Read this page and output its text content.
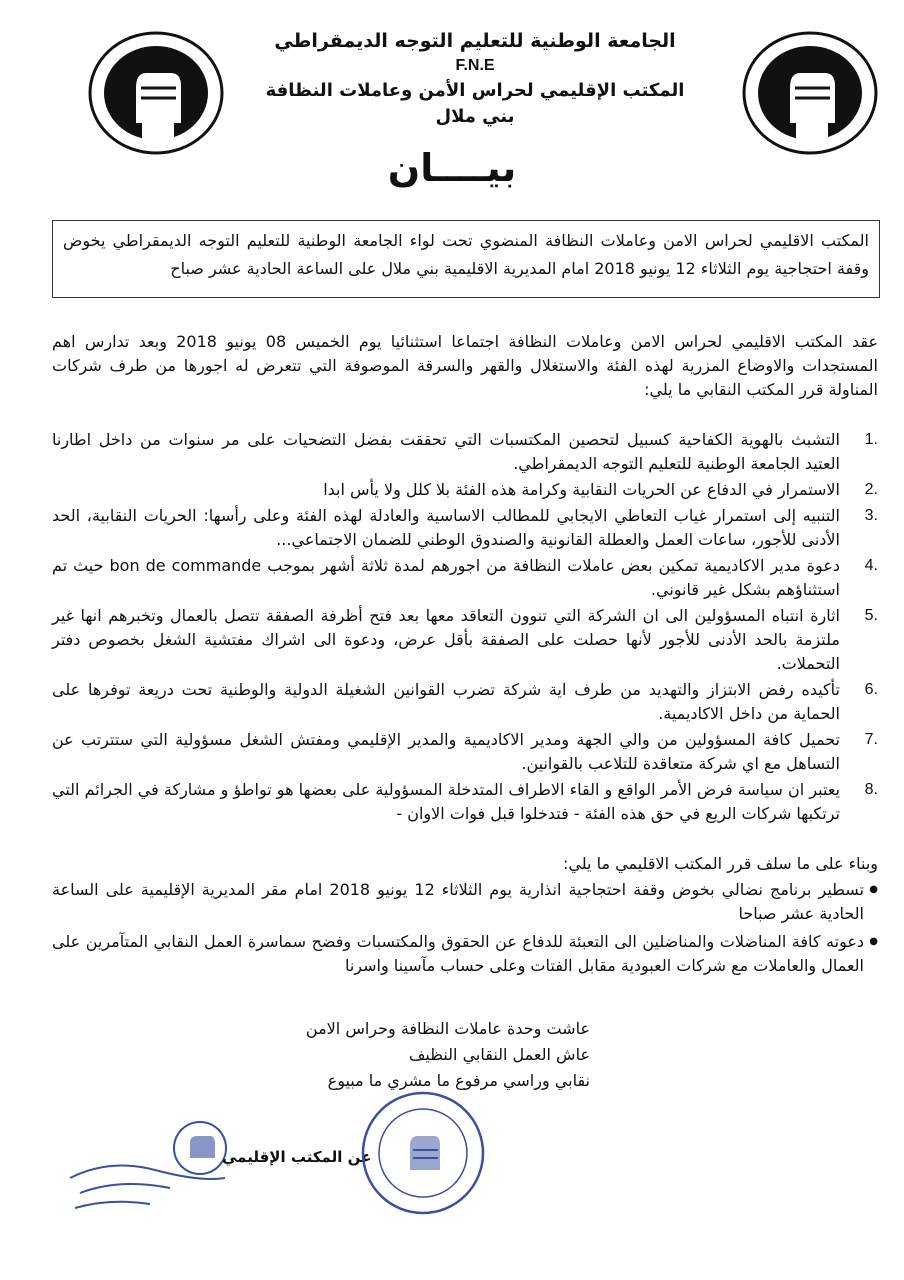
الجامعة الوطنية للتعليم التوجه الديمقراطي
F.N.E
المكتب الإقليمي لحراس الأمن وعاملات النظافة
بني ملال
بيــــان
المكتب الاقليمي لحراس الامن وعاملات النظافة المنضوي تحت لواء الجامعة الوطنية للتعليم التوجه الديمقراطي يخوض وقفة احتجاجية يوم الثلاثاء 12 يونيو 2018 امام المديرية الاقليمية بني ملال على الساعة الحادية عشر صباح
عقد المكتب الاقليمي لحراس الامن وعاملات النظافة اجتماعا استثنائيا يوم الخميس 08 يونيو 2018 وبعد تدارس اهم المستجدات والاوضاع المزرية لهذه الفئة والاستغلال والقهر والسرقة الموصوفة التي تتعرض له اجورها من طرف شركات المناولة قرر المكتب النقابي ما يلي:
1.
التشبث بالهوية الكفاحية كسبيل لتحصين المكتسبات التي تحققت بفضل التضحيات على مر سنوات من داخل اطارنا العتيد الجامعة الوطنية للتعليم التوجه الديمقراطي.
2.
الاستمرار في الدفاع عن الحريات النقابية وكرامة هذه الفئة بلا كلل ولا يأس ابدا
3.
التنبيه إلى استمرار غياب التعاطي الايجابي للمطالب الاساسية والعادلة لهذه الفئة وعلى رأسها: الحريات النقابية، الحد الأدنى للأجور، ساعات العمل والعطلة القانونية والصندوق الوطني للضمان الاجتماعي...
4.
دعوة مدير الاكاديمية تمكين بعض عاملات النظافة من اجورهم لمدة ثلاثة أشهر بموجب bon de commande حيث تم استثناؤهم بشكل غير قانوني.
5.
اثارة انتباه المسؤولين الى ان الشركة التي تنوون التعاقد معها بعد فتح أظرفة الصفقة تتصل بالعمال وتخبرهم انها غير ملتزمة بالحد الأدنى للأجور لأنها حصلت على الصفقة بأقل عرض، ودعوة الى اشراك مفتشية الشغل بخصوص دفتر التحملات.
6.
تأكيده رفض الابتزاز والتهديد من طرف اية شركة تضرب القوانين الشغيلة الدولية والوطنية تحت دريعة توفرها على الحماية من داخل الاكاديمية.
7.
تحميل كافة المسؤولين من والي الجهة ومدير الاكاديمية والمدير الإقليمي ومفتش الشغل مسؤولية التي ستترتب عن التساهل مع اي شركة متعاقدة للتلاعب بالقوانين.
8.
يعتبر ان سياسة فرض الأمر الواقع و القاء الاطراف المتدخلة المسؤولية على بعضها هو تواطؤ و مشاركة في الجرائم التي ترتكبها شركات الريع في حق هذه الفئة - فتدخلوا قبل فوات الاوان -
وبناء على ما سلف قرر المكتب الاقليمي ما يلي:
● تسطير برنامج نضالي بخوض وقفة احتجاجية انذارية يوم الثلاثاء 12 يونيو 2018 امام مقر المديرية الإقليمية على الساعة الحادية عشر صباحا
● دعوته كافة المناضلات والمناضلين الى التعبئة للدفاع عن الحقوق والمكتسبات وفضح سماسرة العمل النقابي المتآمرين على العمال والعاملات مع شركات العبودية مقابل الفتات وعلى حساب مآسينا واسرنا
عاشت وحدة عاملات النظافة وحراس الامن
عاش العمل النقابي النظيف
نقابي وراسي مرفوع ما مشري ما مبيوع
عن المكتب الإقليمي
